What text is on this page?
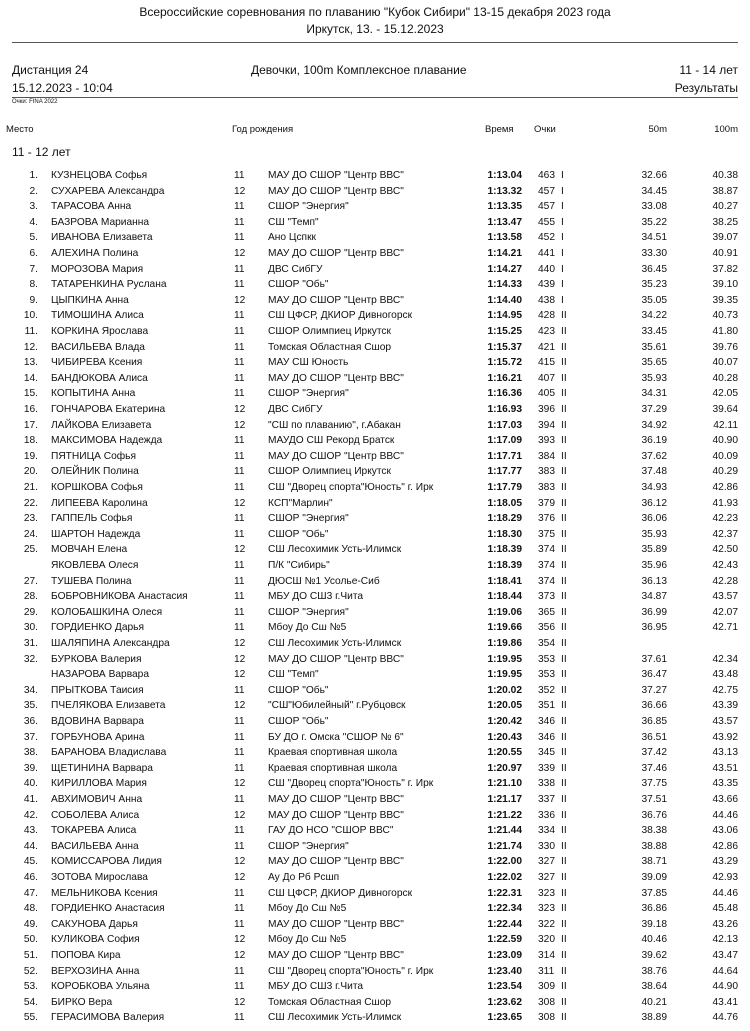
Всероссийские соревнования по плаванию "Кубок Сибири" 13-15 декабря 2023 года
Иркутск, 13. - 15.12.2023
Дистанция 24	Девочки, 100m Комплексное плавание	11 - 14 лет
15.12.2023 - 10:04	Результаты
Очки: FINA 2022
Место	Год рождения	Время Очки	50m	100m
11 - 12 лет
1. КУЗНЕЦОВА Софья	11 МАУ ДО СШОР "Центр ВВС"	1:13.04 463 I	32.66	40.38
2. СУХАРЕВА Александра	12 МАУ ДО СШОР "Центр ВВС"	1:13.32 457 I	34.45	38.87
3. ТАРАСОВА Анна	11 СШОР "Энергия"	1:13.35 457 I	33.08	40.27
4. БАЗРОВА Марианна	11 СШ "Темп"	1:13.47 455 I	35.22	38.25
5. ИВАНОВА Елизавета	11 Ано Цспкк	1:13.58 452 I	34.51	39.07
6. АЛЕХИНА Полина	12 МАУ ДО СШОР "Центр ВВС"	1:14.21 441 I	33.30	40.91
7. МОРОЗОВА Мария	11 ДВС СибГУ	1:14.27 440 I	36.45	37.82
8. ТАТАРЕНКИНА Руслана	11 СШОР "Обь"	1:14.33 439 I	35.23	39.10
9. ЦЫПКИНА Анна	12 МАУ ДО СШОР "Центр ВВС"	1:14.40 438 I	35.05	39.35
10. ТИМОШИНА Алиса	11 СШ ЦФСР, ДКИОР Дивногорск	1:14.95 428 II	34.22	40.73
11. КОРКИНА Ярослава	11 СШОР Олимпиец Иркутск	1:15.25 423 II	33.45	41.80
12. ВАСИЛЬЕВА Влада	11 Томская Областная Сшор	1:15.37 421 II	35.61	39.76
13. ЧИБИРЕВА Ксения	11 МАУ СШ Юность	1:15.72 415 II	35.65	40.07
14. БАНДЮКОВА Алиса	11 МАУ ДО СШОР "Центр ВВС"	1:16.21 407 II	35.93	40.28
15. КОПЫТИНА Анна	11 СШОР "Энергия"	1:16.36 405 II	34.31	42.05
16. ГОНЧАРОВА Екатерина	12 ДВС СибГУ	1:16.93 396 II	37.29	39.64
17. ЛАЙКОВА Елизавета	12 "СШ по плаванию", г.Абакан	1:17.03 394 II	34.92	42.11
18. МАКСИМОВА Надежда	11 МАУДО СШ Рекорд Братск	1:17.09 393 II	36.19	40.90
19. ПЯТНИЦА Софья	11 МАУ ДО СШОР "Центр ВВС"	1:17.71 384 II	37.62	40.09
20. ОЛЕЙНИК Полина	11 СШОР Олимпиец Иркутск	1:17.77 383 II	37.48	40.29
21. КОРШКОВА Софья	11 СШ "Дворец спорта"Юность" г. Ирк	1:17.79 383 II	34.93	42.86
22. ЛИПЕЕВА Каролина	12 КСП"Марлин"	1:18.05 379 II	36.12	41.93
23. ГАППЕЛЬ Софья	11 СШОР "Энергия"	1:18.29 376 II	36.06	42.23
24. ШАРТОН Надежда	11 СШОР "Обь"	1:18.30 375 II	35.93	42.37
25. МОВЧАН Елена	12 СШ Лесохимик Усть-Илимск	1:18.39 374 II	35.89	42.50
ЯКОВЛЕВА Олеся	11 П/К "Сибирь"	1:18.39 374 II	35.96	42.43
27. ТУШЕВА Полина	11 ДЮСШ №1 Усолье-Сиб	1:18.41 374 II	36.13	42.28
28. БОБРОВНИКОВА Анастасия	11 МБУ ДО СШ3 г.Чита	1:18.44 373 II	34.87	43.57
29. КОЛОБАШКИНА Олеся	11 СШОР "Энергия"	1:19.06 365 II	36.99	42.07
30. ГОРДИЕНКО Дарья	11 Мбоу До Сш №5	1:19.66 356 II	36.95	42.71
31. ШАЛЯПИНА Александра	12 СШ Лесохимик Усть-Илимск	1:19.86 354 II
32. БУРКОВА Валерия	12 МАУ ДО СШОР "Центр ВВС"	1:19.95 353 II	37.61	42.34
НАЗАРОВА Варвара	12 СШ "Темп"	1:19.95 353 II	36.47	43.48
34. ПРЫТКОВА Таисия	11 СШОР "Обь"	1:20.02 352 II	37.27	42.75
35. ПЧЕЛЯКОВА Елизавета	12 "СШ"Юбилейный" г.Рубцовск	1:20.05 351 II	36.66	43.39
36. ВДОВИНА Варвара	11 СШОР "Обь"	1:20.42 346 II	36.85	43.57
37. ГОРБУНОВА Арина	11 БУ ДО г. Омска "СШОР № 6"	1:20.43 346 II	36.51	43.92
38. БАРАНОВА Владислава	11 Краевая спортивная школа	1:20.55 345 II	37.42	43.13
39. ЩЕТИНИНА Варвара	11 Краевая спортивная школа	1:20.97 339 II	37.46	43.51
40. КИРИЛЛОВА Мария	12 СШ "Дворец спорта"Юность" г. Ирк	1:21.10 338 II	37.75	43.35
41. АВХИМОВИЧ Анна	11 МАУ ДО СШОР "Центр ВВС"	1:21.17 337 II	37.51	43.66
42. СОБОЛЕВА Алиса	12 МАУ ДО СШОР "Центр ВВС"	1:21.22 336 II	36.76	44.46
43. ТОКАРЕВА Алиса	11 ГАУ ДО НСО "СШОР ВВС"	1:21.44 334 II	38.38	43.06
44. ВАСИЛЬЕВА Анна	11 СШОР "Энергия"	1:21.74 330 II	38.88	42.86
45. КОМИССАРОВА Лидия	12 МАУ ДО СШОР "Центр ВВС"	1:22.00 327 II	38.71	43.29
46. ЗОТОВА Мирослава	12 Ау До Рб Рсшп	1:22.02 327 II	39.09	42.93
47. МЕЛЬНИКОВА Ксения	11 СШ ЦФСР, ДКИОР Дивногорск	1:22.31 323 II	37.85	44.46
48. ГОРДИЕНКО Анастасия	11 Мбоу До Сш №5	1:22.34 323 II	36.86	45.48
49. САКУНОВА Дарья	11 МАУ ДО СШОР "Центр ВВС"	1:22.44 322 II	39.18	43.26
50. КУЛИКОВА София	12 Мбоу До Сш №5	1:22.59 320 II	40.46	42.13
51. ПОПОВА Кира	12 МАУ ДО СШОР "Центр ВВС"	1:23.09 314 II	39.62	43.47
52. ВЕРХОЗИНА Анна	11 СШ "Дворец спорта"Юность" г. Ирк	1:23.40 311 II	38.76	44.64
53. КОРОБКОВА Ульяна	11 МБУ ДО СШ3 г.Чита	1:23.54 309 II	38.64	44.90
54. БИРКО Вера	12 Томская Областная Сшор	1:23.62 308 II	40.21	43.41
55. ГЕРАСИМОВА Валерия	11 СШ Лесохимик Усть-Илимск	1:23.65 308 II	38.89	44.76
